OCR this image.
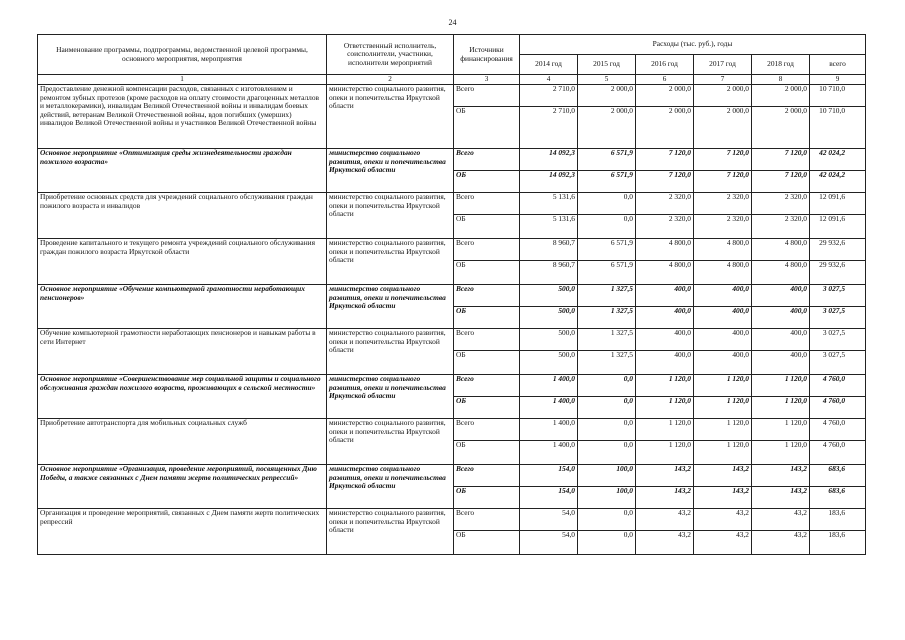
24
Наименование программы, подпрограммы, ведомственной целевой программы, основного мероприятия, мероприятия	Ответственный исполнитель, соисполнители, участники, исполнители мероприятий	Источники финансирования	Расходы (тыс. руб.), годы					
			2014 год	2015 год	2016 год	2017 год	2018 год	всего
1	2	3	4	5	6	7	8	9
Предоставление денежной компенсации расходов, связанных с изготовлением и ремонтом зубных протезов (кроме расходов на оплату стоимости драгоценных металлов и металлокерамики), инвалидам Великой Отечественной войны и инвалидам боевых действий, ветеранам Великой Отечественной войны, вдов погибших (умерших) инвалидов Великой Отечественной войны и участников Великой Отечественной войны	министерство социального развития, опеки и попечительства Иркутской области	Всего	2 710,0	2 000,0	2 000,0	2 000,0	2 000,0	10 710,0
		ОБ	2 710,0	2 000,0	2 000,0	2 000,0	2 000,0	10 710,0
Основное мероприятие «Оптимизация среды жизнедеятельности граждан пожилого возраста»	министерство социального развития, опеки и попечительства Иркутской области	Всего	14 092,3	6 571,9	7 120,0	7 120,0	7 120,0	42 024,2
		ОБ	14 092,3	6 571,9	7 120,0	7 120,0	7 120,0	42 024,2
Приобретение основных средств для учреждений социального обслуживания граждан пожилого возраста и инвалидов	министерство социального развития, опеки и попечительства Иркутской области	Всего	5 131,6	0,0	2 320,0	2 320,0	2 320,0	12 091,6
		ОБ	5 131,6	0,0	2 320,0	2 320,0	2 320,0	12 091,6
Проведение капитального и текущего ремонта учреждений социального обслуживания граждан пожилого возраста Иркутской области	министерство социального развития, опеки и попечительства Иркутской области	Всего	8 960,7	6 571,9	4 800,0	4 800,0	4 800,0	29 932,6
		ОБ	8 960,7	6 571,9	4 800,0	4 800,0	4 800,0	29 932,6
Основное мероприятие «Обучение компьютерной грамотности неработающих пенсионеров»	министерство социального развития, опеки и попечительства Иркутской области	Всего	500,0	1 327,5	400,0	400,0	400,0	3 027,5
		ОБ	500,0	1 327,5	400,0	400,0	400,0	3 027,5
Обучение компьютерной грамотности неработающих пенсионеров и навыкам работы в сети Интернет	министерство социального развития, опеки и попечительства Иркутской области	Всего	500,0	1 327,5	400,0	400,0	400,0	3 027,5
		ОБ	500,0	1 327,5	400,0	400,0	400,0	3 027,5
Основное мероприятие «Совершенствование мер социальной защиты и социального обслуживания граждан пожилого возраста, проживающих в сельской местности»	министерство социального развития, опеки и попечительства Иркутской области	Всего	1 400,0	0,0	1 120,0	1 120,0	1 120,0	4 760,0
		ОБ	1 400,0	0,0	1 120,0	1 120,0	1 120,0	4 760,0
Приобретение автотранспорта для мобильных социальных служб	министерство социального развития, опеки и попечительства Иркутской области	Всего	1 400,0	0,0	1 120,0	1 120,0	1 120,0	4 760,0
		ОБ	1 400,0	0,0	1 120,0	1 120,0	1 120,0	4 760,0
Основное мероприятие «Организация, проведение мероприятий, посвященных Дню Победы, а также связанных с Днем памяти жертв политических репрессий»	министерство социального развития, опеки и попечительства Иркутской области	Всего	154,0	100,0	143,2	143,2	143,2	683,6
		ОБ	154,0	100,0	143,2	143,2	143,2	683,6
Организация и проведение мероприятий, связанных с Днем памяти жертв политических репрессий	министерство социального развития, опеки и попечительства Иркутской области	Всего	54,0	0,0	43,2	43,2	43,2	183,6
		ОБ	54,0	0,0	43,2	43,2	43,2	183,6
